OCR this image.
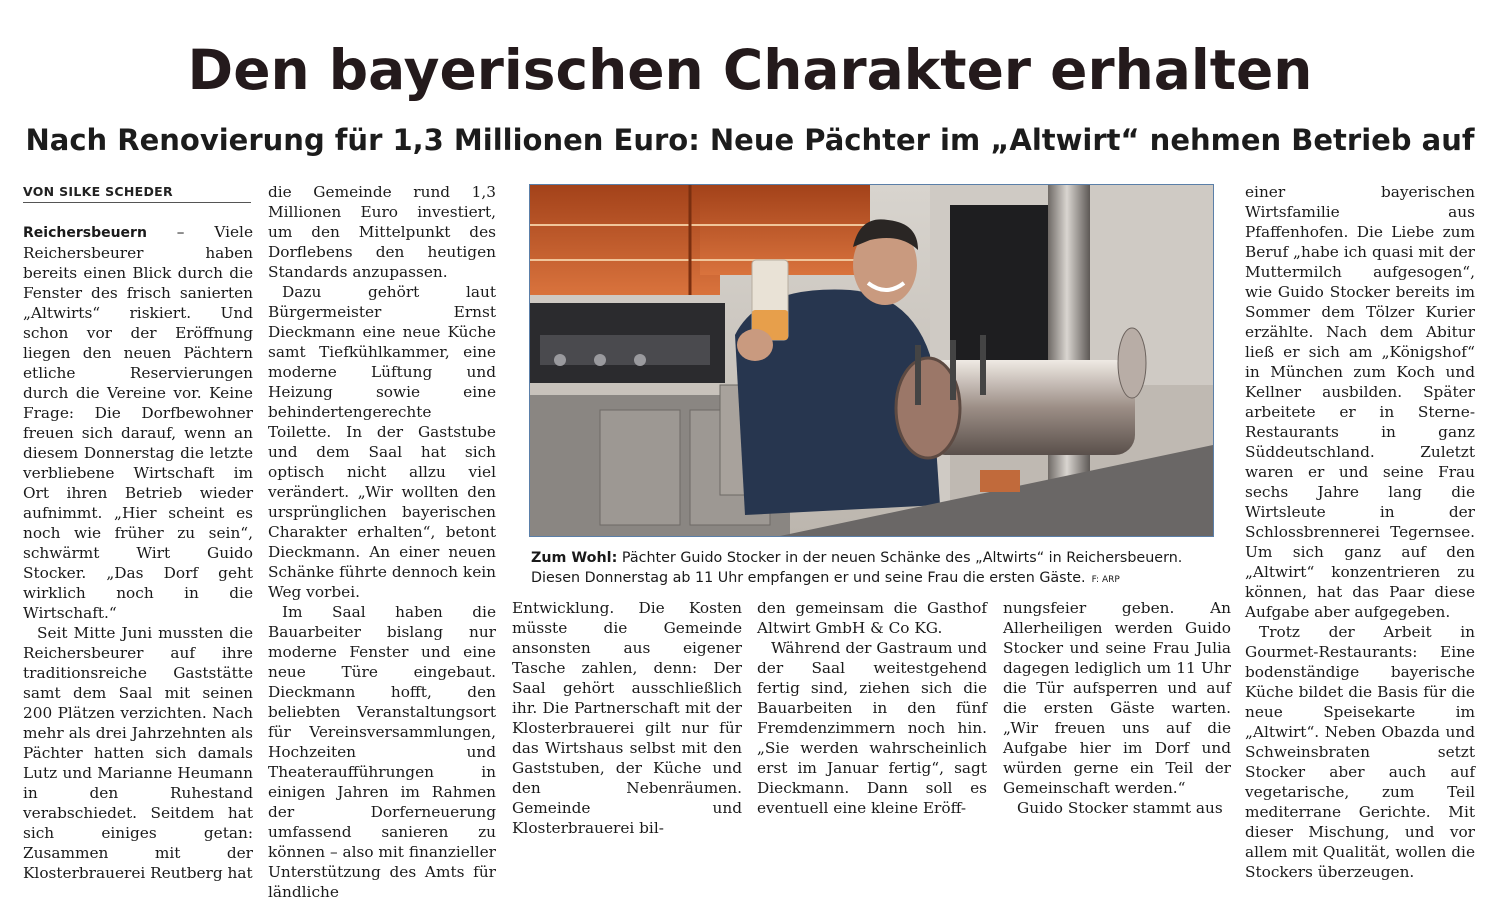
Den bayerischen Charakter erhalten
Nach Renovierung für 1,3 Millionen Euro: Neue Pächter im „Altwirt“ nehmen Betrieb auf
VON SILKE SCHEDER

Reichersbeuern – Viele Reichersbeurer haben bereits einen Blick durch die Fenster des frisch sanierten „Altwirts“ riskiert. Und schon vor der Eröffnung liegen den neuen Pächtern etliche Reservierungen durch die Vereine vor. Keine Frage: Die Dorfbewohner freuen sich darauf, wenn an diesem Donnerstag die letzte verbliebene Wirtschaft im Ort ihren Betrieb wieder aufnimmt. „Hier scheint es noch wie früher zu sein“, schwärmt Wirt Guido Stocker. „Das Dorf geht wirklich noch in die Wirtschaft.“

Seit Mitte Juni mussten die Reichersbeurer auf ihre traditionsreiche Gaststätte samt dem Saal mit seinen 200 Plätzen verzichten. Nach mehr als drei Jahrzehnten als Pächter hatten sich damals Lutz und Marianne Heumann in den Ruhestand verabschiedet. Seitdem hat sich einiges getan: Zusammen mit der Klosterbrauerei Reutberg hat

die Gemeinde rund 1,3 Millionen Euro investiert, um den Mittelpunkt des Dorflebens den heutigen Standards anzupassen.

Dazu gehört laut Bürgermeister Ernst Dieckmann eine neue Küche samt Tiefkühlkammer, eine moderne Lüftung und Heizung sowie eine behindertengerechte Toilette. In der Gaststube und dem Saal hat sich optisch nicht allzu viel verändert. „Wir wollten den ursprünglichen bayerischen Charakter erhalten“, betont Dieckmann. An einer neuen Schänke führte dennoch kein Weg vorbei.

Im Saal haben die Bauarbeiter bislang nur moderne Fenster und eine neue Türe eingebaut. Dieckmann hofft, den beliebten Veranstaltungsort für Vereinsversammlungen, Hochzeiten und Theateraufführungen in einigen Jahren im Rahmen der Dorferneuerung umfassend sanieren zu können – also mit finanzieller Unterstützung des Amts für ländliche

Zum Wohl: Pächter Guido Stocker in der neuen Schänke des „Altwirts“ in Reichersbeuern. Diesen Donnerstag ab 11 Uhr empfangen er und seine Frau die ersten Gäste. F: ARP

Entwicklung. Die Kosten müsste die Gemeinde ansonsten aus eigener Tasche zahlen, denn: Der Saal gehört ausschließlich ihr. Die Partnerschaft mit der Klosterbrauerei gilt nur für das Wirtshaus selbst mit den Gaststuben, der Küche und den Nebenräumen. Gemeinde und Klosterbrauerei bil-

den gemeinsam die Gasthof Altwirt GmbH & Co KG.

Während der Gastraum und der Saal weitestgehend fertig sind, ziehen sich die Bauarbeiten in den fünf Fremdenzimmern noch hin. „Sie werden wahrscheinlich erst im Januar fertig“, sagt Dieckmann. Dann soll es eventuell eine kleine Eröff-

nungsfeier geben. An Allerheiligen werden Guido Stocker und seine Frau Julia dagegen lediglich um 11 Uhr die Tür aufsperren und auf die ersten Gäste warten. „Wir freuen uns auf die Aufgabe hier im Dorf und würden gerne ein Teil der Gemeinschaft werden.“

Guido Stocker stammt aus

einer bayerischen Wirtsfamilie aus Pfaffenhofen. Die Liebe zum Beruf „habe ich quasi mit der Muttermilch aufgesogen“, wie Guido Stocker bereits im Sommer dem Tölzer Kurier erzählte. Nach dem Abitur ließ er sich am „Königshof“ in München zum Koch und Kellner ausbilden. Später arbeitete er in Sterne-Restaurants in ganz Süddeutschland. Zuletzt waren er und seine Frau sechs Jahre lang die Wirtsleute in der Schlossbrennerei Tegernsee. Um sich ganz auf den „Altwirt“ konzentrieren zu können, hat das Paar diese Aufgabe aber aufgegeben.

Trotz der Arbeit in Gourmet-Restaurants: Eine bodenständige bayerische Küche bildet die Basis für die neue Speisekarte im „Altwirt“. Neben Obazda und Schweinsbraten setzt Stocker aber auch auf vegetarische, zum Teil mediterrane Gerichte. Mit dieser Mischung, und vor allem mit Qualität, wollen die Stockers überzeugen.
